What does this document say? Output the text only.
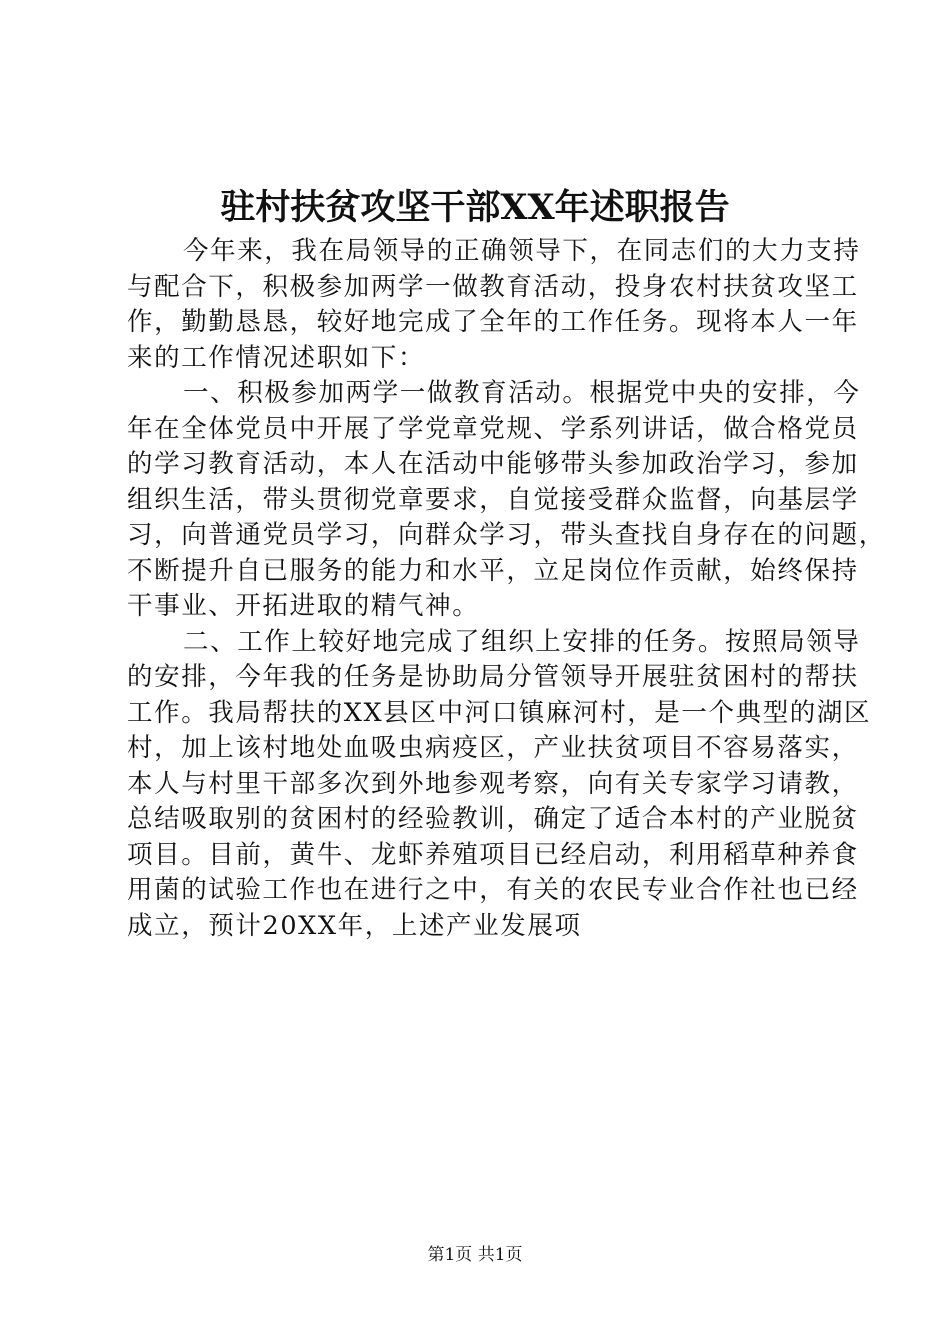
驻村扶贫攻坚干部XX年述职报告

今年来，我在局领导的正确领导下，在同志们的大力支持

与配合下，积极参加两学一做教育活动，投身农村扶贫攻坚工

作，勤勤恳恳，较好地完成了全年的工作任务。现将本人一年

来的工作情况述职如下：

一、积极参加两学一做教育活动。根据党中央的安排，今

年在全体党员中开展了学党章党规、学系列讲话，做合格党员

的学习教育活动，本人在活动中能够带头参加政治学习，参加

组织生活，带头贯彻党章要求，自觉接受群众监督，向基层学

习，向普通党员学习，向群众学习，带头查找自身存在的问题，

不断提升自已服务的能力和水平，立足岗位作贡献，始终保持

干事业、开拓进取的精气神。

二、工作上较好地完成了组织上安排的任务。按照局领导

的安排，今年我的任务是协助局分管领导开展驻贫困村的帮扶

工作。我局帮扶的XX县区中河口镇麻河村，是一个典型的湖区

村，加上该村地处血吸虫病疫区，产业扶贫项目不容易落实，

本人与村里干部多次到外地参观考察，向有关专家学习请教，

总结吸取别的贫困村的经验教训，确定了适合本村的产业脱贫

项目。目前，黄牛、龙虾养殖项目已经启动，利用稻草种养食

用菌的试验工作也在进行之中，有关的农民专业合作社也已经

成立，预计20XX年，上述产业发展项

第1页 共1页
